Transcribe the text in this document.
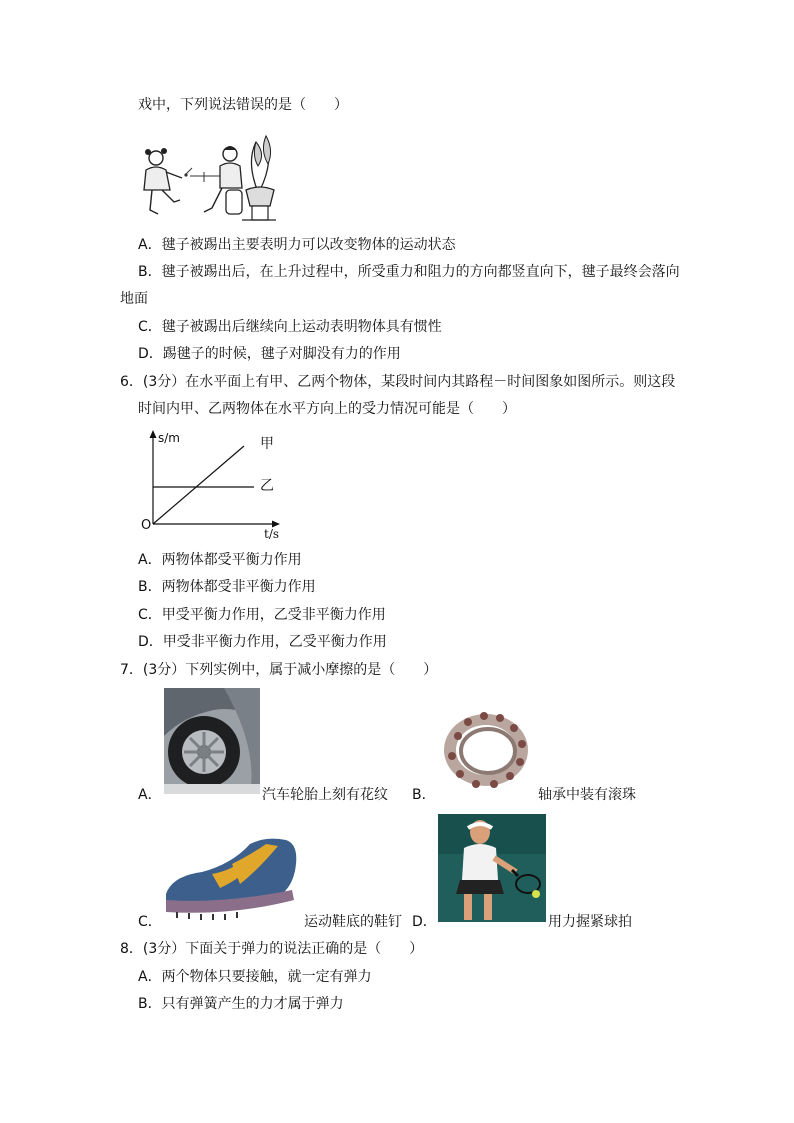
戏中，下列说法错误的是（　　）
A．毽子被踢出主要表明力可以改变物体的运动状态
B．毽子被踢出后，在上升过程中，所受重力和阻力的方向都竖直向下，毽子最终会落向
地面
C．毽子被踢出后继续向上运动表明物体具有惯性
D．踢毽子的时候，毽子对脚没有力的作用
6．(3分）在水平面上有甲、乙两个物体，某段时间内其路程－时间图象如图所示。则这段
时间内甲、乙两物体在水平方向上的受力情况可能是（　　）
s/m
t/s
O
甲
乙
A．两物体都受平衡力作用
B．两物体都受非平衡力作用
C．甲受平衡力作用，乙受非平衡力作用
D．甲受非平衡力作用，乙受平衡力作用
7．(3分）下列实例中，属于减小摩擦的是（　　）
A．	汽车轮胎上刻有花纹 B．	轴承中装有滚珠
C．	运动鞋底的鞋钉 D．	用力握紧球拍
8．(3分）下面关于弹力的说法正确的是（　　）
A．两个物体只要接触，就一定有弹力
B．只有弹簧产生的力才属于弹力
